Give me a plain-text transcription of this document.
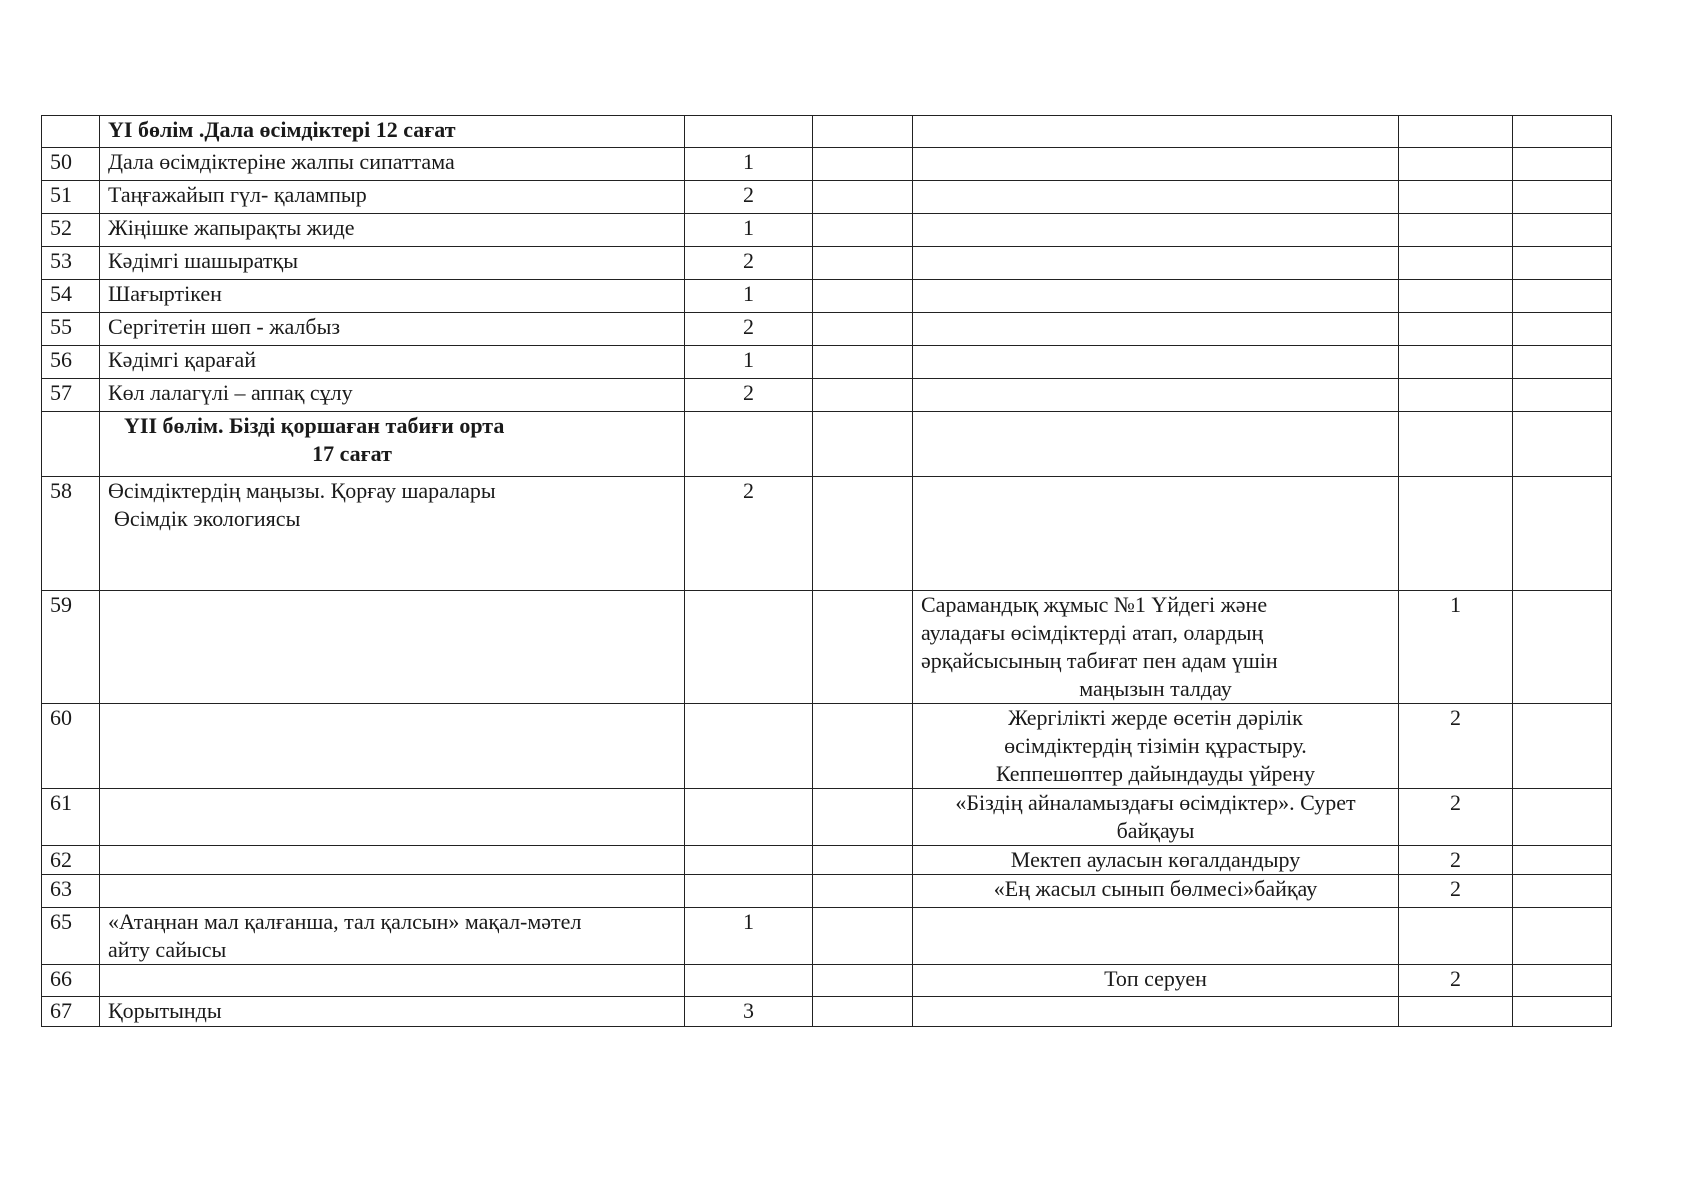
	ҮІ бөлім .Дала өсімдіктері 12 сағат					
50	Дала өсімдіктеріне жалпы сипаттама	1				
51	Таңғажайып гүл- қалампыр	2				
52	Жіңішке жапырақты жиде	1				
53	Кәдімгі шашыратқы	2				
54	Шағыртікен	1				
55	Сергітетін шөп - жалбыз	2				
56	Кәдімгі қарағай	1				
57	Көл лалагүлі – аппақ сұлу	2				

	ҮІІ бөлім. Бізді қоршаған табиғи орта
17 сағат					

58	Өсімдіктердің маңызы. Қорғау шаралары
Өсімдік экологиясы	2				
59				Сарамандық жұмыс №1 Үйдегі және
ауладағы өсімдіктерді атап, олардың
әрқайсысының табиғат пен адам үшін
маңызын талдау	1	
60				Жергілікті жерде өсетін дәрілік
өсімдіктердің тізімін құрастыру.
Кеппешөптер дайындауды үйрену	2	
61				«Біздің айналамыздағы өсімдіктер». Сурет
байқауы	2	
62				Мектеп ауласын көгалдандыру	2	
63				«Ең жасыл сынып бөлмесі»байқау	2	
65	«Атаңнан мал қалғанша, тал қалсын» мақал-мәтел
айту сайысы	1				
66				Топ серуен	2	
67	Қорытынды	3				
